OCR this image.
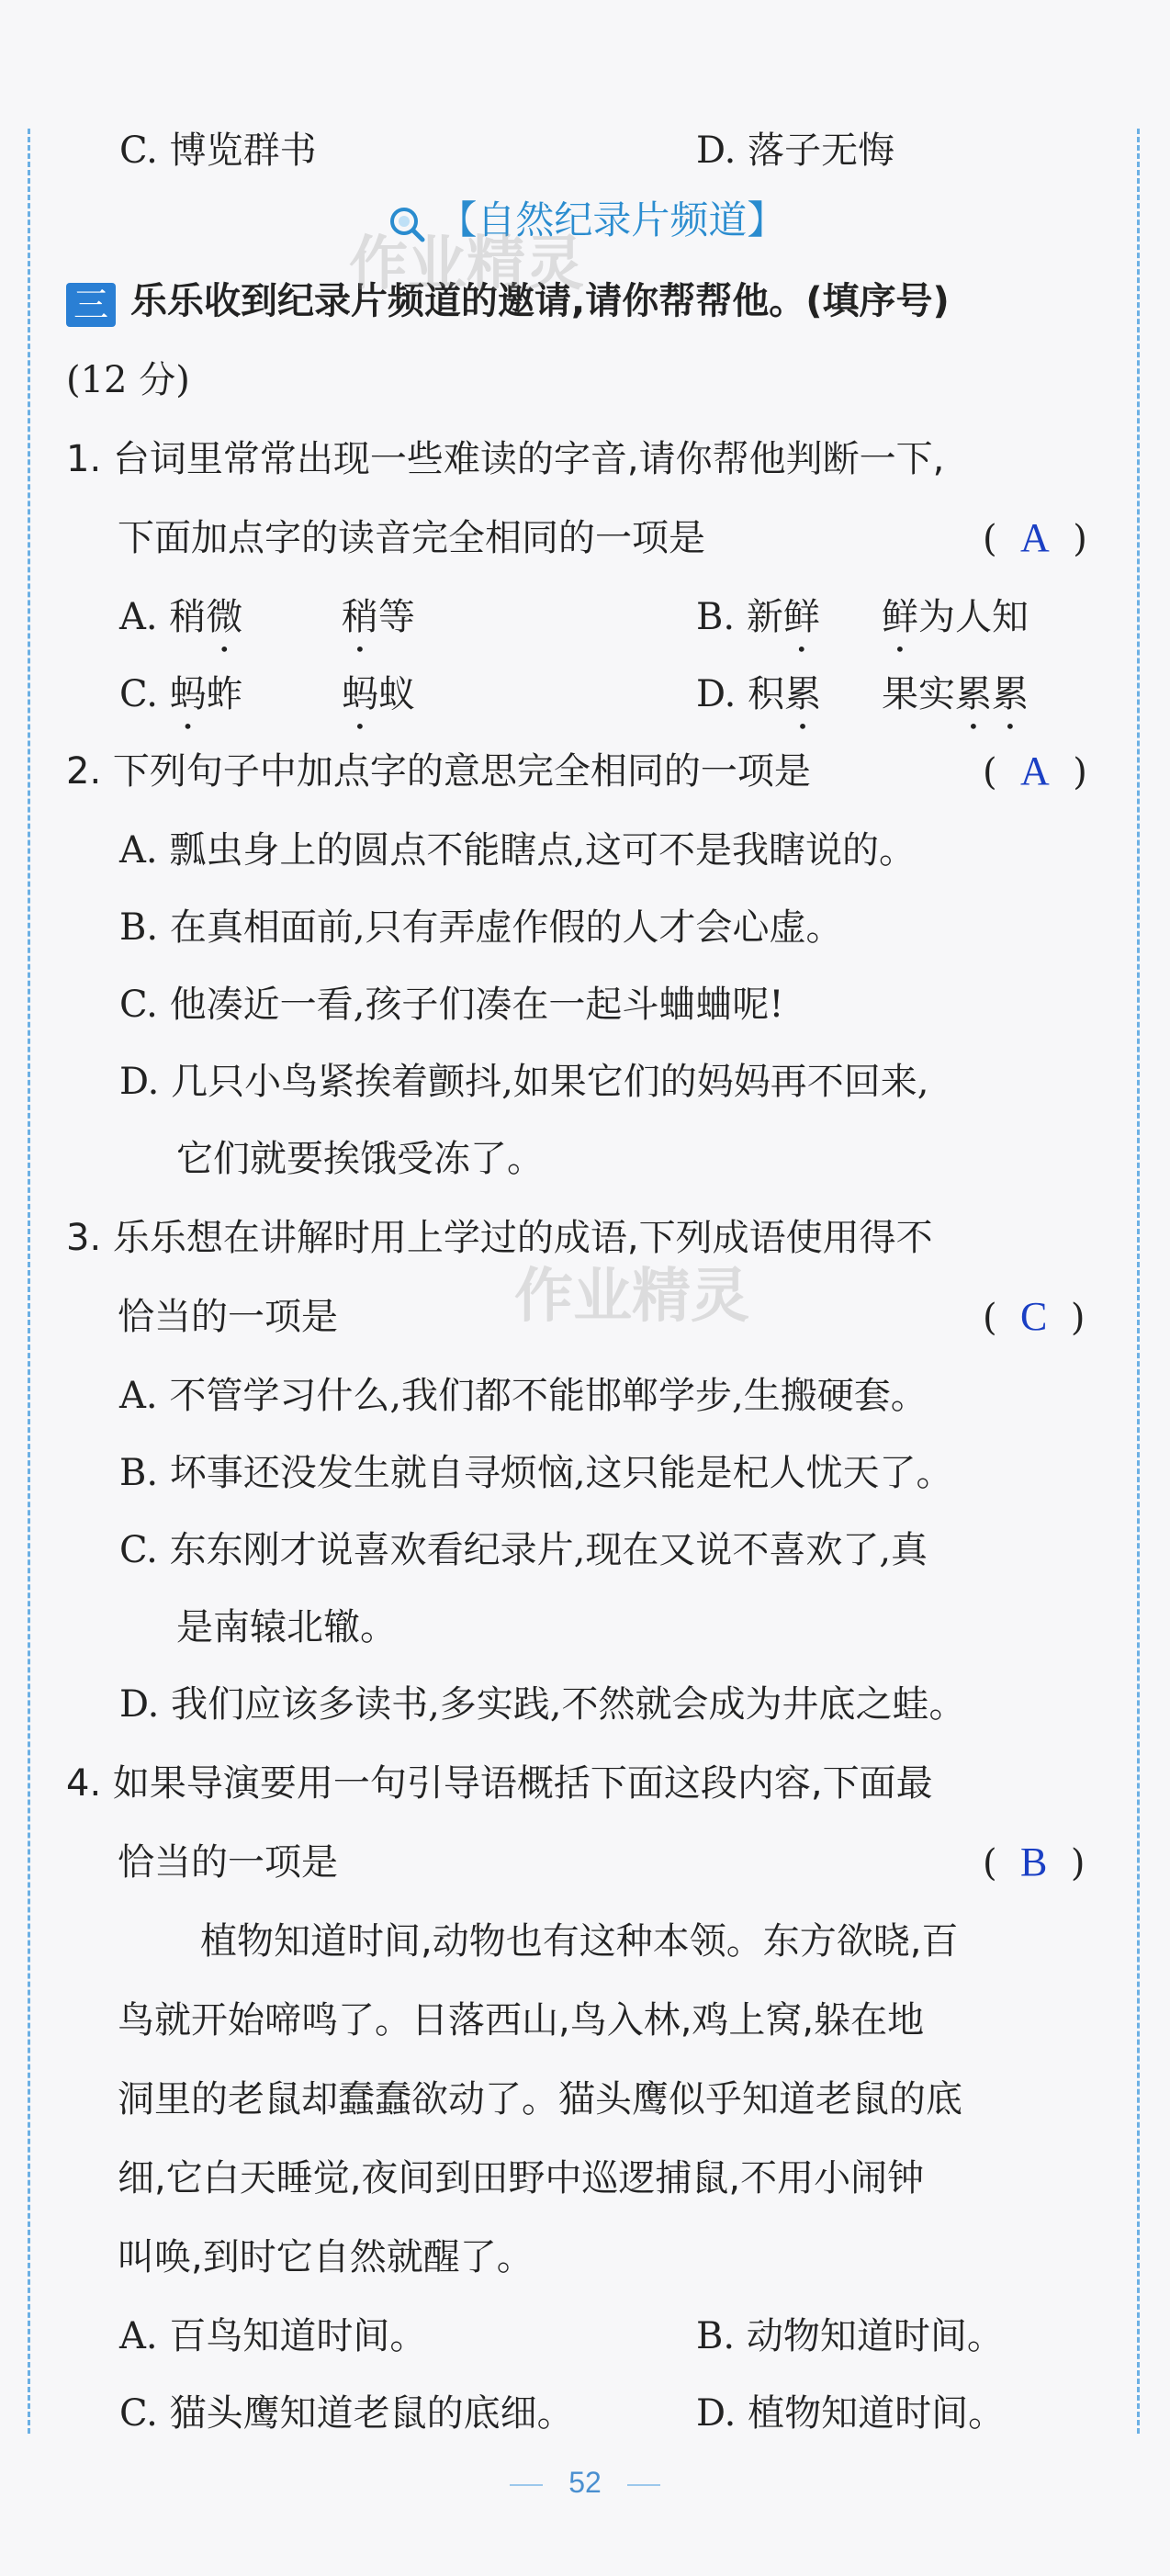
C. 博览群书	D. 落子无悔
【自然纪录片频道】
三 乐乐收到纪录片频道的邀请,请你帮帮他。(填序号)
(12 分)
1. 台词里常常出现一些难读的字音,请你帮他判断一下,
下面加点字的读音完全相同的一项是	(  A  )
A. 稍微	稍等	B. 新鲜 鲜为人知
C. 蚂蚱	蚂蚁	D. 积累 果实累累
2. 下列句子中加点字的意思完全相同的一项是	(  A  )
A. 瓢虫身上的圆点不能瞎点,这可不是我瞎说的。
B. 在真相面前,只有弄虚作假的人才会心虚。
C. 他凑近一看,孩子们凑在一起斗蛐蛐呢!
D. 几只小鸟紧挨着颤抖,如果它们的妈妈再不回来,
它们就要挨饿受冻了。
3. 乐乐想在讲解时用上学过的成语,下列成语使用得不
恰当的一项是	(  C  )
A. 不管学习什么,我们都不能邯郸学步,生搬硬套。
B. 坏事还没发生就自寻烦恼,这只能是杞人忧天了。
C. 东东刚才说喜欢看纪录片,现在又说不喜欢了,真
是南辕北辙。
D. 我们应该多读书,多实践,不然就会成为井底之蛙。
4. 如果导演要用一句引导语概括下面这段内容,下面最
恰当的一项是	(  B  )
植物知道时间,动物也有这种本领。东方欲晓,百
鸟就开始啼鸣了。日落西山,鸟入林,鸡上窝,躲在地
洞里的老鼠却蠢蠢欲动了。猫头鹰似乎知道老鼠的底
细,它白天睡觉,夜间到田野中巡逻捕鼠,不用小闹钟
叫唤,到时它自然就醒了。
A. 百鸟知道时间。	B. 动物知道时间。
C. 猫头鹰知道老鼠的底细。	D. 植物知道时间。
作业精灵
作业精灵
52
